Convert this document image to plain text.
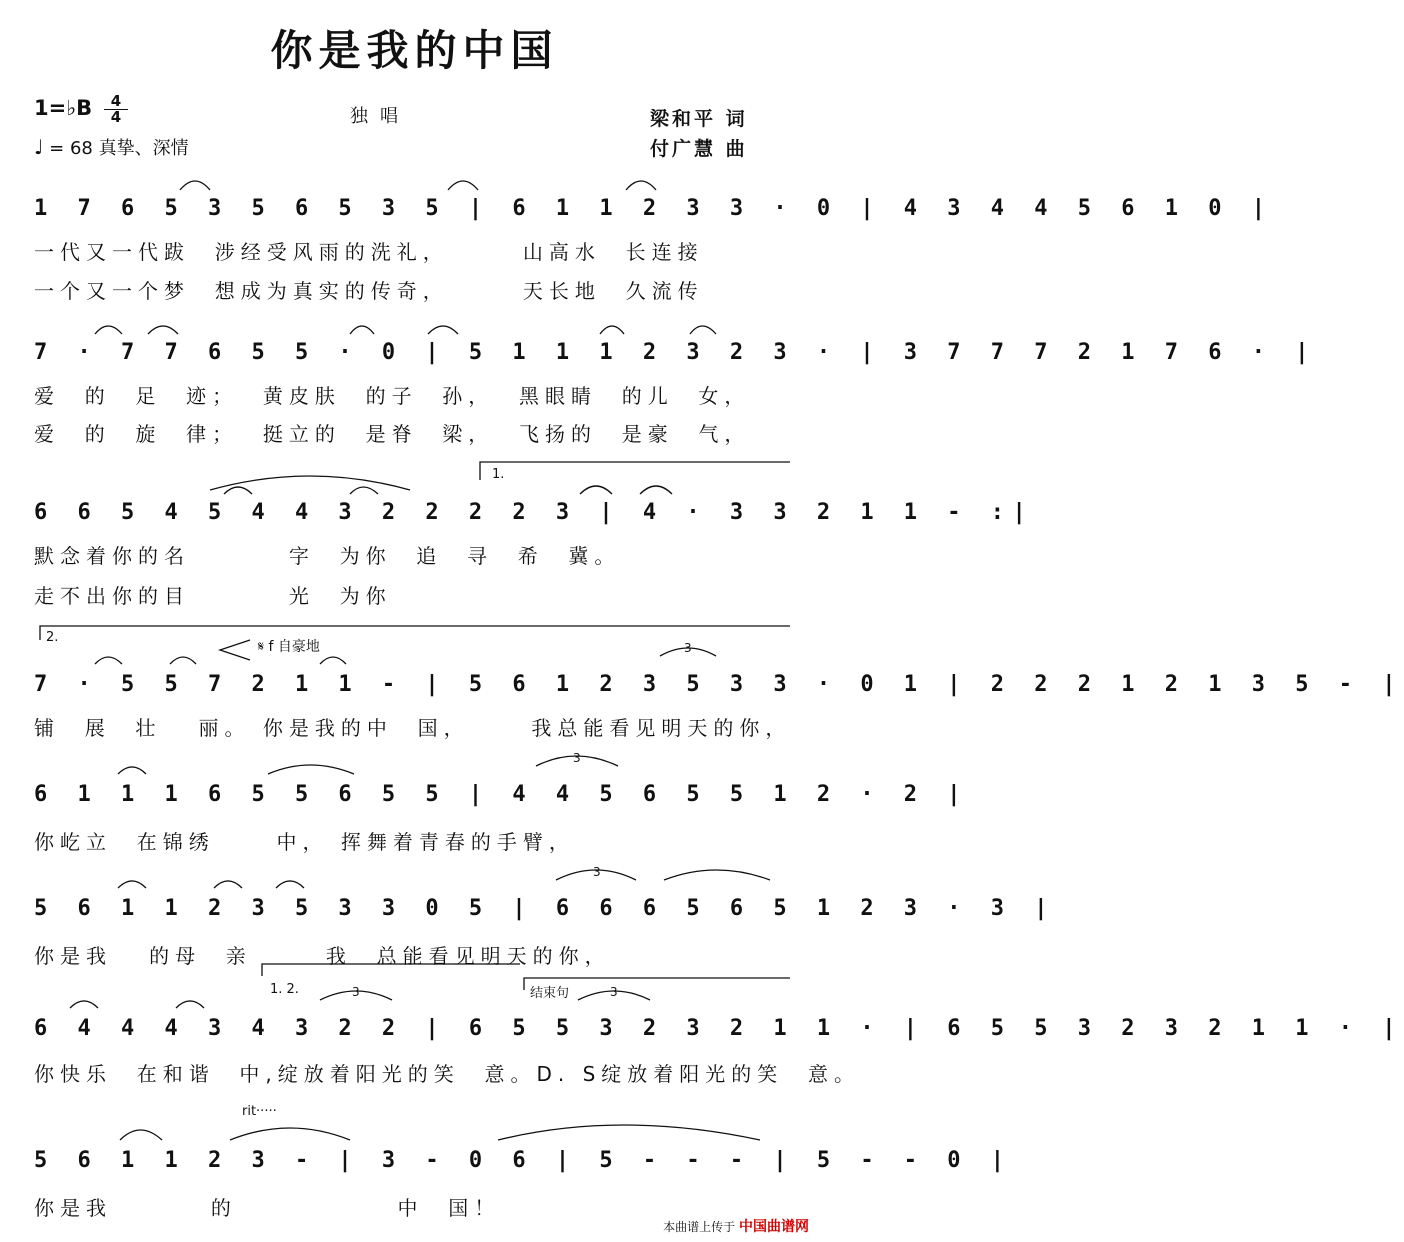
你是我的中国
1=♭B $\frac{4}{4}$
♩ = 68 真挚、深情
独唱	梁和平 词
付广慧 曲
1 7 6 5 3 5 6 5 3 5 | 6 1 1 2 3 3 · 0 | 4 3 4 4 5 6 1 0 |
一代又一代跋  涉经受风雨的洗礼，      山高水  长连接
一个又一个梦  想成为真实的传奇，      天长地  久流传
7 · 7 7 6 5 5 · 0 | 5 1 1 1 2 3 2 3 · | 3 7 7 7 2 1 7 6 · |
爱  的  足  迹；  黄皮肤  的子  孙，  黑眼睛  的儿  女，
爱  的  旋  律；  挺立的  是脊  梁，  飞扬的  是豪  气，
1.
6 6 5 4 5 4 4 3 2 2 2 2 3 | 4 · 3 3 2 1 1 - :|
默念着你的名        字  为你  追  寻  希  冀。
走不出你的目        光  为你
2.
𝄋 f 自豪地
7 · 5 5 7 2 1 1 - | 5 6 1 2 3 5 3 3 · 0 1 | 2 2 2 1 2 1 3 5 - |
铺  展  壮   丽。 你是我的中  国，     我总能看见明天的你，
6 1 1 1 6 5 5 6 5 5 | 4 4 5 6 5 5 1 2 · 2 |
你屹立  在锦绣     中， 挥舞着青春的手臂，
5 6 1 1 2 3 5 3 3 0 5 | 6 6 6 5 6 5 1 2 3 · 3 |
你是我   的母  亲      我  总能看见明天的你，
1. 2.	结束句
6 4 4 4 3 4 3 2 2 | 6 5 5 3 2 3 2 1 1 · | 6 5 5 3 2 3 2 1 1 · |
你快乐  在和谐  中,绽放着阳光的笑  意。D. S绽放着阳光的笑  意。
rit·····
5 6 1 1 2 3 - | 3 - 0 6 | 5 - - - | 5 - - 0 |
你是我        的             中  国！
3
3
3
3	3
本曲谱上传于 中国曲谱网
